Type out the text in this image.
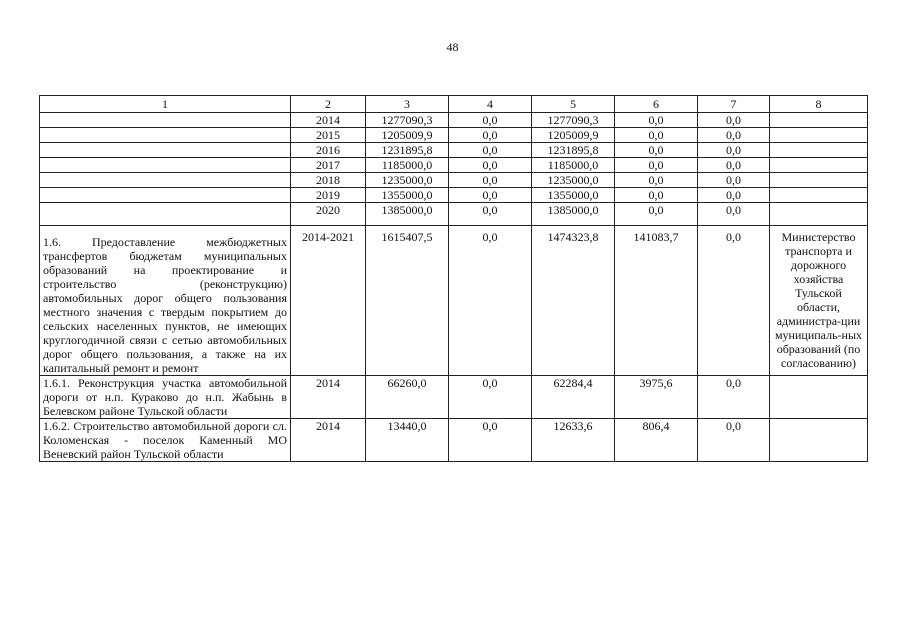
48
1	2	3	4	5	6	7	8
	2014	1277090,3	0,0	1277090,3	0,0	0,0	
	2015	1205009,9	0,0	1205009,9	0,0	0,0	
	2016	1231895,8	0,0	1231895,8	0,0	0,0	
	2017	1185000,0	0,0	1185000,0	0,0	0,0	
	2018	1235000,0	0,0	1235000,0	0,0	0,0	
	2019	1355000,0	0,0	1355000,0	0,0	0,0	
	2020	1385000,0	0,0	1385000,0	0,0	0,0	
1.6. Предоставление межбюджетных трансфертов бюджетам муниципальных образований на проектирование и строительство (реконструкцию) автомобильных дорог общего пользования местного значения с твердым покрытием до сельских населенных пунктов, не имеющих круглогодичной связи с сетью автомобильных дорог общего пользования, а также на их капитальный ремонт и ремонт	2014-2021	1615407,5	0,0	1474323,8	141083,7	0,0	Министерство транспорта и дорожного хозяйства Тульской области, администра-ции муниципаль-ных образований (по согласованию)
1.6.1. Реконструкция участка автомобильной дороги от н.п. Кураково до н.п. Жабынь в Белевском районе Тульской области	2014	66260,0	0,0	62284,4	3975,6	0,0	
1.6.2. Строительство автомобильной дороги сл. Коломенская - поселок Каменный МО Веневский район Тульской области	2014	13440,0	0,0	12633,6	806,4	0,0	
